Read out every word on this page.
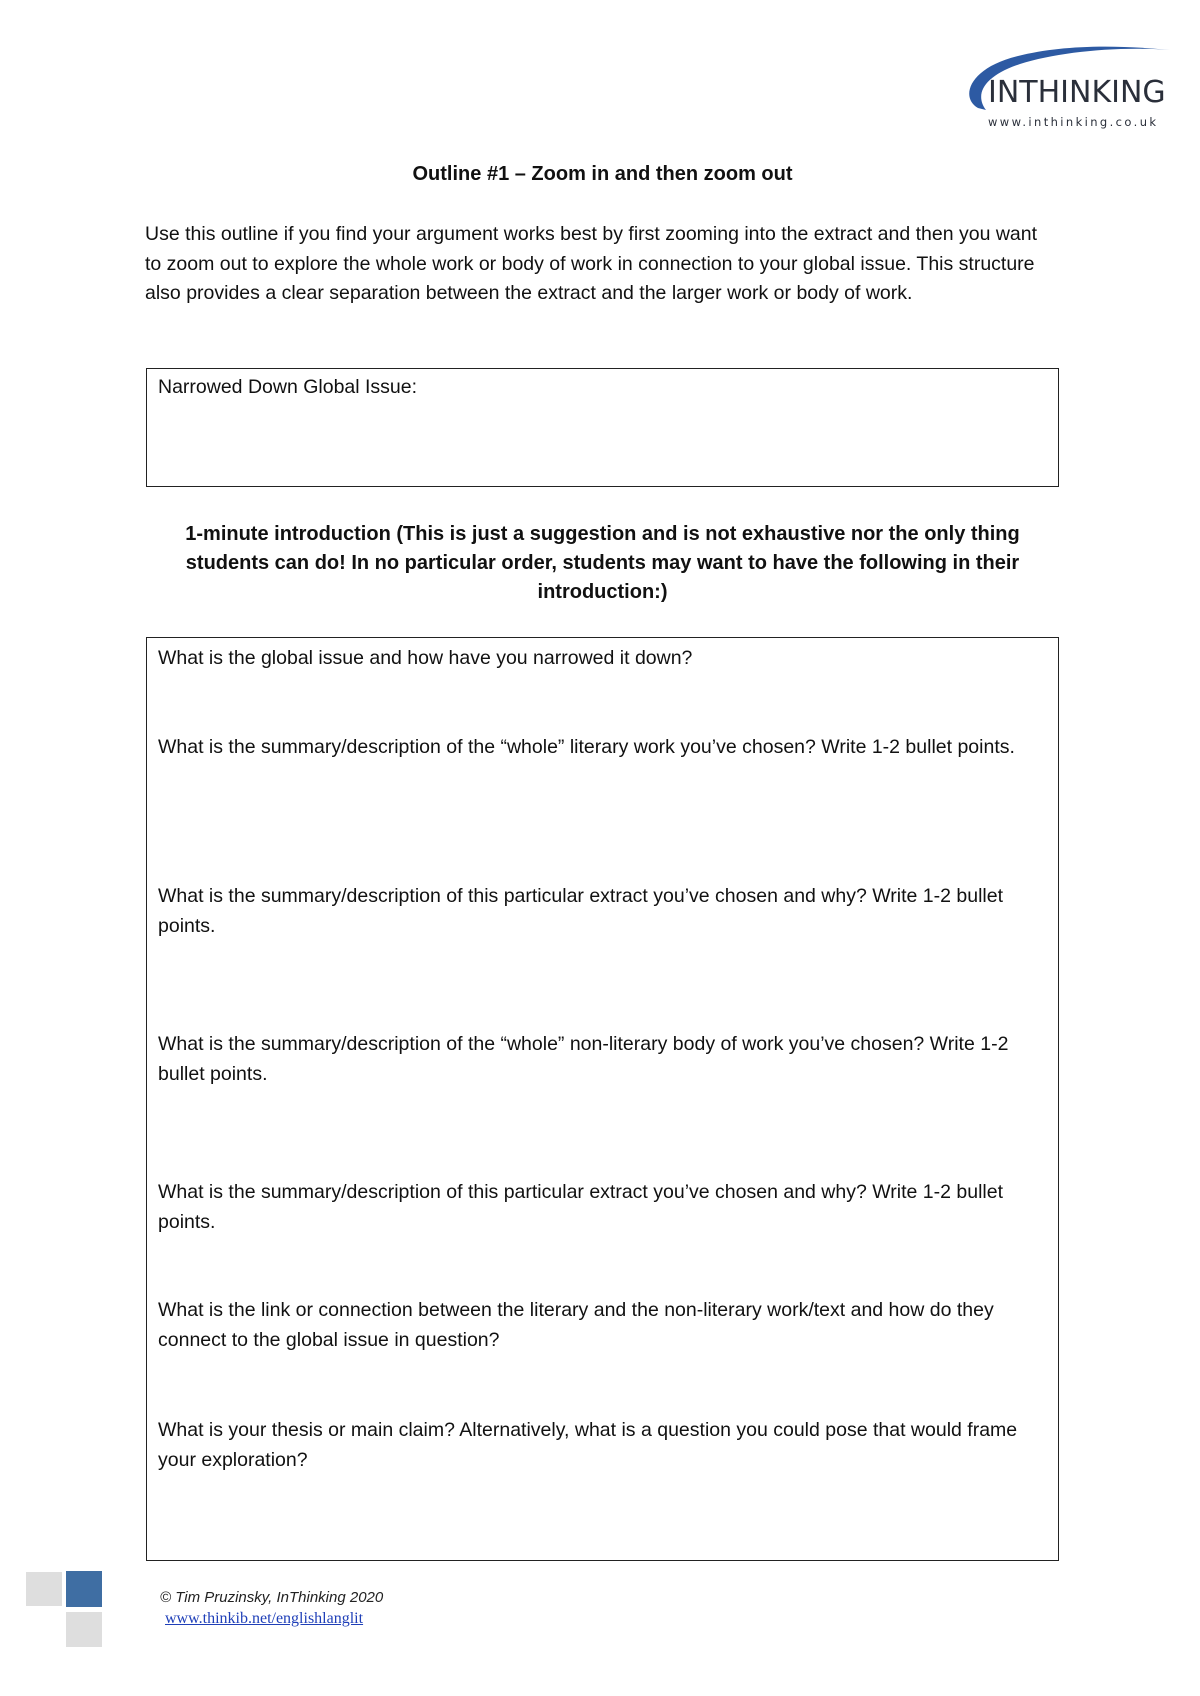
INTHINKING
www.inthinking.co.uk
Outline #1 – Zoom in and then zoom out

Use this outline if you find your argument works best by first zooming into the extract and then you want to zoom out to explore the whole work or body of work in connection to your global issue. This structure also provides a clear separation between the extract and the larger work or body of work.

Narrowed Down Global Issue:
1-minute introduction (This is just a suggestion and is not exhaustive nor the only thing students can do! In no particular order, students may want to have the following in their introduction:)
What is the global issue and how have you narrowed it down?
What is the summary/description of the “whole” literary work you’ve chosen? Write 1-2 bullet points.
What is the summary/description of this particular extract you’ve chosen and why? Write 1-2 bullet points.
What is the summary/description of the “whole” non-literary body of work you’ve chosen? Write 1-2 bullet points.
What is the summary/description of this particular extract you’ve chosen and why? Write 1-2 bullet points.
What is the link or connection between the literary and the non-literary work/text and how do they connect to the global issue in question?
What is your thesis or main claim? Alternatively, what is a question you could pose that would frame your exploration?
© Tim Pruzinsky, InThinking 2020
www.thinkib.net/englishlanglit
